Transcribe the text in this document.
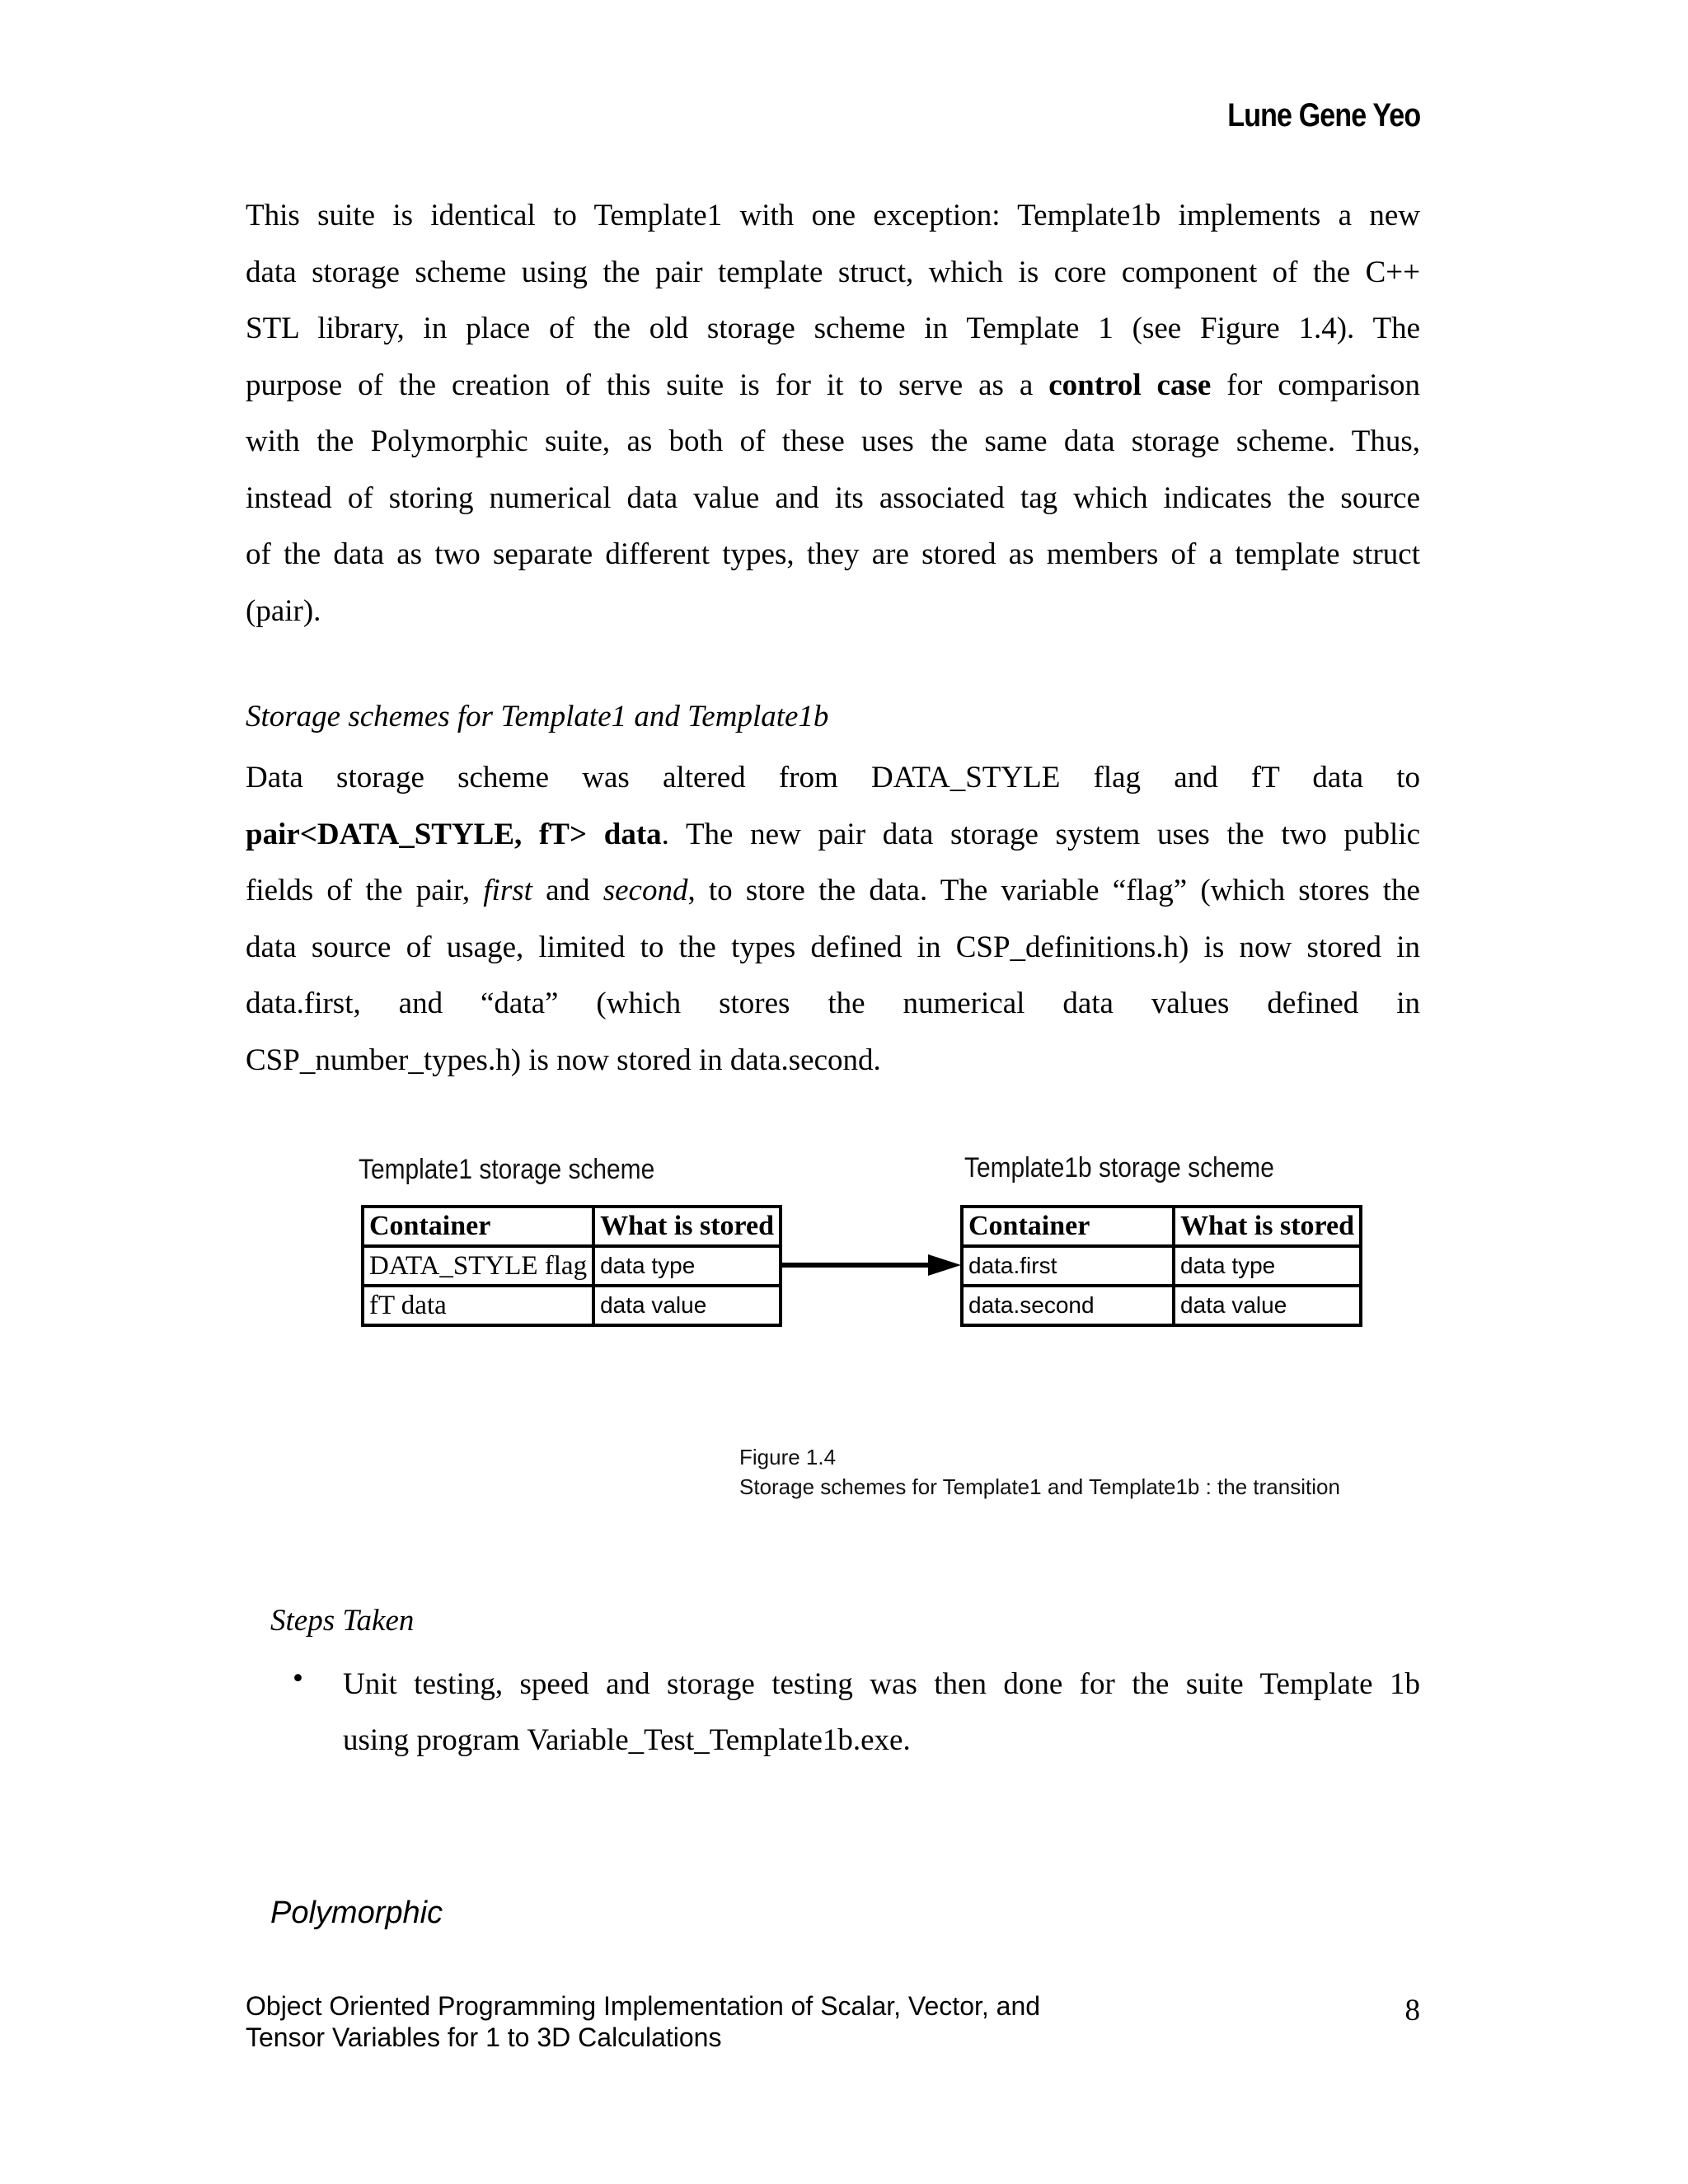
Lune Gene Yeo
This suite is identical to Template1 with one exception: Template1b implements a new
data storage scheme using the pair template struct, which is core component of the C++
STL library, in place of the old storage scheme in Template 1 (see Figure 1.4). The
purpose of the creation of this suite is for it to serve as a control case for comparison
with the Polymorphic suite, as both of these uses the same data storage scheme. Thus,
instead of storing numerical data value and its associated tag which indicates the source
of the data as two separate different types, they are stored as members of a template struct
(pair).
Storage schemes for Template1 and Template1b
Data storage scheme was altered from DATA_STYLE flag and fT data to
pair<DATA_STYLE, fT> data. The new pair data storage system uses the two public
fields of the pair, first and second, to store the data. The variable “flag” (which stores the
data source of usage, limited to the types defined in CSP_definitions.h) is now stored in
data.first, and “data” (which stores the numerical data values defined in
CSP_number_types.h) is now stored in data.second.
Template1 storage scheme	Template1b storage scheme
Container	What is stored
DATA_STYLE flag	data type
fT data	data value
Container	What is stored
data.first	data type
data.second	data value
Figure 1.4
Storage schemes for Template1 and Template1b : the transition
Steps Taken
• Unit testing, speed and storage testing was then done for the suite Template 1b
using program Variable_Test_Template1b.exe.
Polymorphic
Object Oriented Programming Implementation of Scalar, Vector, and
Tensor Variables for 1 to 3D Calculations
8
